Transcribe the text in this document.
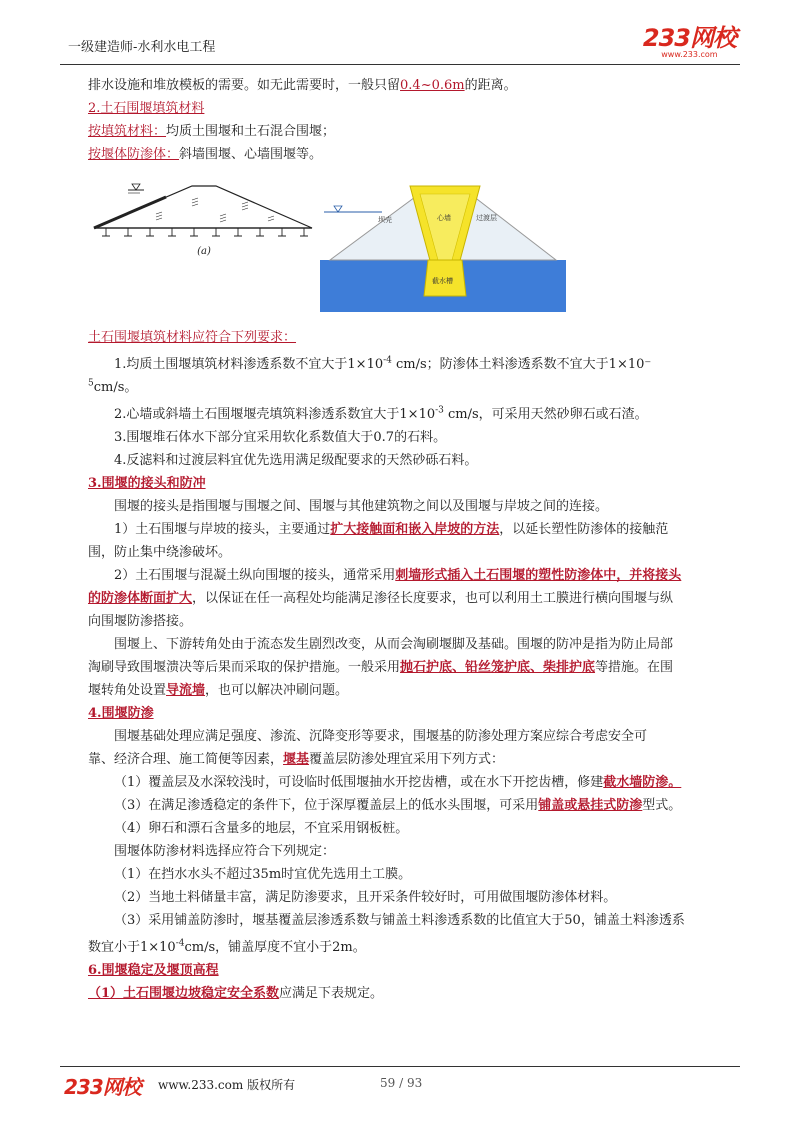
一级建造师-水利水电工程	233网校
www.233.com

排水设施和堆放模板的需要。如无此需要时，一般只留0.4~0.6m的距离。

2.土石围堰填筑材料

按填筑材料：均质土围堰和土石混合围堰；

按堰体防渗体：斜墙围堰、心墙围堰等。

(a)
坝壳	心墙	过渡层
截水槽

土石围堰填筑材料应符合下列要求：

1.均质土围堰填筑材料渗透系数不宜大于$1\times 10^{-4}$ cm/s；防渗体土料渗透系数不宜大于1×10⁻

$^5$cm/s。

2.心墙或斜墙土石围堰堰壳填筑料渗透系数宜大于$1\times 10^{-3}$ cm/s，可采用天然砂卵石或石渣。

3.围堰堆石体水下部分宜采用软化系数值大于0.7的石料。

4.反滤料和过渡层料宜优先选用满足级配要求的天然砂砾石料。

3.围堰的接头和防冲

围堰的接头是指围堰与围堰之间、围堰与其他建筑物之间以及围堰与岸坡之间的连接。

1）土石围堰与岸坡的接头，主要通过扩大接触面和嵌入岸坡的方法，以延长塑性防渗体的接触范

围，防止集中绕渗破坏。

2）土石围堰与混凝土纵向围堰的接头，通常采用刺墙形式插入土石围堰的塑性防渗体中，并将接头

的防渗体断面扩大，以保证在任一高程处均能满足渗径长度要求，也可以利用土工膜进行横向围堰与纵

向围堰防渗搭接。

围堰上、下游转角处由于流态发生剧烈改变，从而会淘刷堰脚及基础。围堰的防冲是指为防止局部

淘刷导致围堰溃决等后果而采取的保护措施。一般采用抛石护底、铅丝笼护底、柴排护底等措施。在围

堰转角处设置导流墙，也可以解决冲刷问题。

4.围堰防渗

围堰基础处理应满足强度、渗流、沉降变形等要求，围堰基的防渗处理方案应综合考虑安全可

靠、经济合理、施工简便等因素，堰基覆盖层防渗处理宜采用下列方式：

（1）覆盖层及水深较浅时，可设临时低围堰抽水开挖齿槽，或在水下开挖齿槽，修建截水墙防渗。

（3）在满足渗透稳定的条件下，位于深厚覆盖层上的低水头围堰，可采用铺盖或悬挂式防渗型式。

（4）卵石和漂石含量多的地层，不宜采用钢板桩。

围堰体防渗材料选择应符合下列规定：

（1）在挡水水头不超过35m时宜优先选用土工膜。

（2）当地土料储量丰富，满足防渗要求，且开采条件较好时，可用做围堰防渗体材料。

（3）采用铺盖防渗时，堰基覆盖层渗透系数与铺盖土料渗透系数的比值宜大于50，铺盖土料渗透系

数宜小于$1\times 10^{-4}cm/s$，铺盖厚度不宜小于2m。

6.围堰稳定及堰顶高程

（1）土石围堰边坡稳定安全系数应满足下表规定。

233网校 www.233.com 版权所有	59 / 93
